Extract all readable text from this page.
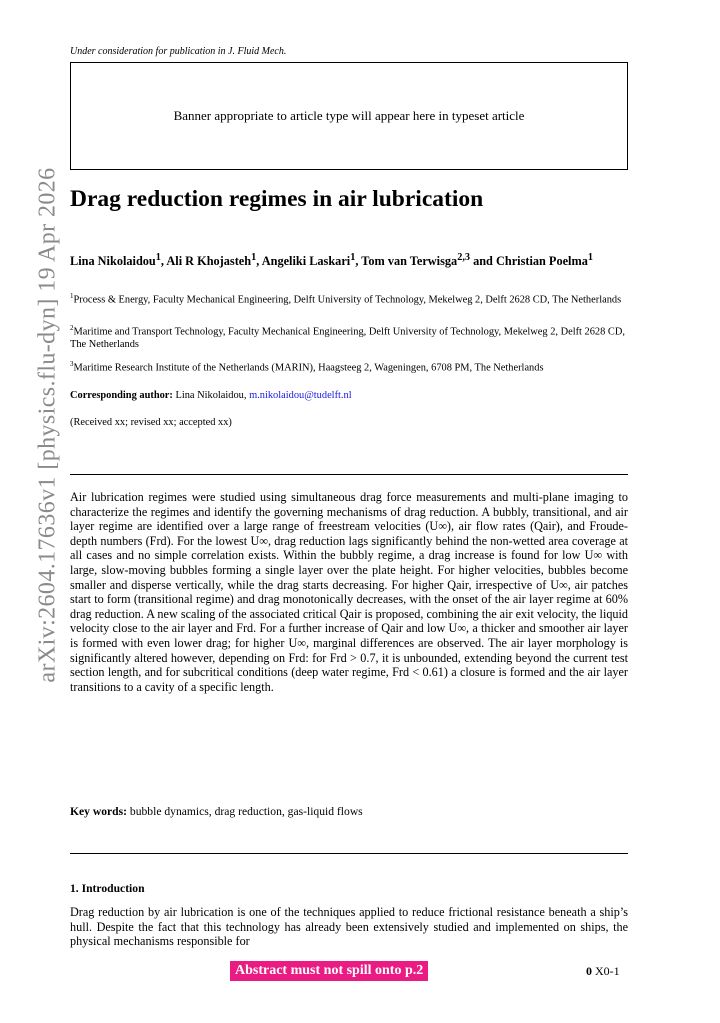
Under consideration for publication in J. Fluid Mech.
Banner appropriate to article type will appear here in typeset article
arXiv:2604.17636v1 [physics.flu-dyn] 19 Apr 2026 Drag reduction regimes in air lubrication
Lina Nikolaidou$^1$, Ali R Khojasteh$^1$, Angeliki Laskari$^1$, Tom van Terwisga$^{2,3}$ and Christian Poelma$^1$
$^1$Process & Energy, Faculty Mechanical Engineering, Delft University of Technology, Mekelweg 2, Delft 2628 CD, The Netherlands
$^2$Maritime and Transport Technology, Faculty Mechanical Engineering, Delft University of Technology, Mekelweg 2, Delft 2628 CD, The Netherlands
$^3$Maritime Research Institute of the Netherlands (MARIN), Haagsteeg 2, Wageningen, 6708 PM, The Netherlands
Corresponding author: Lina Nikolaidou, m.nikolaidou@tudelft.nl
(Received xx; revised xx; accepted xx)
Air lubrication regimes were studied using simultaneous drag force measurements and multi-plane imaging to characterize the regimes and identify the governing mechanisms of drag reduction. A bubbly, transitional, and air layer regime are identified over a large range of freestream velocities (U∞), air flow rates (Qair), and Froude-depth numbers (Frd). For the lowest U∞, drag reduction lags significantly behind the non-wetted area coverage at all cases and no simple correlation exists. Within the bubbly regime, a drag increase is found for low U∞ with large, slow-moving bubbles forming a single layer over the plate height. For higher velocities, bubbles become smaller and disperse vertically, while the drag starts decreasing. For higher Qair, irrespective of U∞, air patches start to form (transitional regime) and drag monotonically decreases, with the onset of the air layer regime at 60% drag reduction. A new scaling of the associated critical Qair is proposed, combining the air exit velocity, the liquid velocity close to the air layer and Frd. For a further increase of Qair and low U∞, a thicker and smoother air layer is formed with even lower drag; for higher U∞, marginal differences are observed. The air layer morphology is significantly altered however, depending on Frd: for Frd > 0.7, it is unbounded, extending beyond the current test section length, and for subcritical conditions (deep water regime, Frd < 0.61) a closure is formed and the air layer transitions to a cavity of a specific length.
Key words: bubble dynamics, drag reduction, gas-liquid flows
1. Introduction
Drag reduction by air lubrication is one of the techniques applied to reduce frictional resistance beneath a ship’s hull. Despite the fact that this technology has already been extensively studied and implemented on ships, the physical mechanisms responsible for
Abstract must not spill onto p.2	0 X0-1
